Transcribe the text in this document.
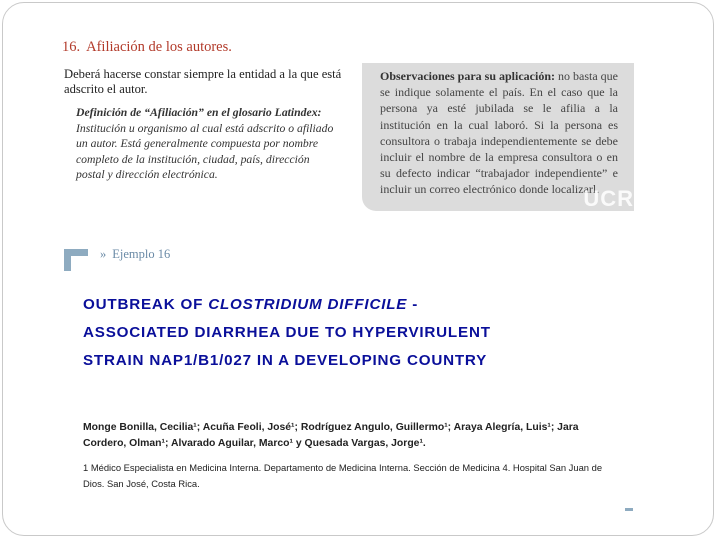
16. Afiliación de los autores.
Deberá hacerse constar siempre la entidad a la que está adscrito el autor.
Definición de “Afiliación” en el glosario Latindex: Institución u organismo al cual está adscrito o afiliado un autor. Está generalmente compuesta por nombre completo de la institución, ciudad, país, dirección postal y dirección electrónica.
Observaciones para su aplicación: no basta que se indique solamente el país. En el caso que la persona ya esté jubilada se le afilia a la institución en la cual laboró. Si la persona es consultora o trabaja independientemente se debe incluir el nombre de la empresa consultora o en su defecto indicar “trabajador independiente” e incluir un correo electrónico donde localizarl.
UCR
» Ejemplo 16
OUTBREAK OF CLOSTRIDIUM DIFFICILE -
ASSOCIATED DIARRHEA DUE TO HYPERVIRULENT
STRAIN NAP1/B1/027 IN A DEVELOPING COUNTRY
Monge Bonilla, Cecilia¹; Acuña Feoli, José¹; Rodríguez Angulo, Guillermo¹; Araya Alegría, Luis¹; Jara Cordero, Olman¹; Alvarado Aguilar, Marco¹ y Quesada Vargas, Jorge¹.
1 Médico Especialista en Medicina Interna. Departamento de Medicina Interna. Sección de Medicina 4. Hospital San Juan de Dios. San José, Costa Rica.
